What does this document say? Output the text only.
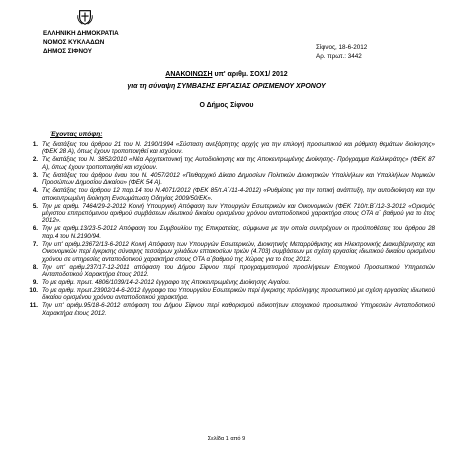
ΕΛΛΗΝΙΚΗ ΔΗΜΟΚΡΑΤΙΑ
ΝΟΜΟΣ ΚΥΚΛΑΔΩΝ
ΔΗΜΟΣ ΣΙΦΝΟΥ
Σίφνος, 18-6-2012
Αρ. πρωτ.: 3442
ΑΝΑΚΟΙΝΩΣΗ υπ' αριθμ. ΣΟΧ1/ 2012
για τη σύναψη ΣΥΜΒΑΣΗΣ ΕΡΓΑΣΙΑΣ ΟΡΙΣΜΕΝΟΥ ΧΡΟΝΟΥ
Ο Δήμος Σίφνου
Έχοντας υπόψη:
1. Τις διατάξεις του άρθρου 21 του Ν. 2190/1994 «Σύσταση ανεξάρτητης αρχής για την επιλογή προσωπικού και ρύθμιση θεμάτων διοίκησης» (ΦΕΚ 28 Α), όπως έχουν τροποποιηθεί και ισχύουν.
2. Τις διατάξεις του Ν. 3852/2010 «Νέα Αρχιτεκτονική της Αυτοδιοίκησης και της Αποκεντρωμένης Διοίκησης- Πρόγραμμα Καλλικράτης» (ΦΕΚ 87 Α), όπως έχουν τροποποιηθεί και ισχύουν.
3. Τις διατάξεις του άρθρου έναυ του Ν. 4057/2012 «Πειθαρχικό Δίκαιο Δημοσίων Πολιτικών Διοικητικών Υπαλλήλων και Υπαλλήλων Νομικών Προσώπων Δημοσίου Δικαίου» (ΦΕΚ 54 Α).
4. Τις διατάξεις του άρθρου 12 παρ.14 του Ν.4071/2012 (ΦΕΚ 85/τ.Α΄/11-4-2012) «Ρυθμίσεις για την τοπική ανάπτυξη, την αυτοδιοίκηση και την αποκεντρωμένη διοίκηση Ενσωμάτωση Οδηγίας 2009/50/ΕΚ».
5. Την με αριθμ. 7464/29-2-2012 Κοινή Υπουργική Απόφαση των Υπουργών Εσωτερικών και Οικονομικών (ΦΕΚ 710/τ.Β΄/12-3-2012 «Ορισμός μέγιστου επιτρεπόμενου αριθμού συμβάσεων ιδιωτικού δικαίου ορισμένου χρόνου ανταποδοτικού χαρακτήρα στους ΟΤΑ α΄ βαθμού για το έτος 2012».
6. Την με αριθμ.13/23-5-2012 Απόφαση του Συμβουλίου της Επικρατείας, σύμφωνα με την οποία συντρέχουν οι προϋποθέσεις του άρθρου 28 παρ.4 του Ν.2190/94.
7. Την υπ' αριθμ.23672/13-6-2012 Κοινή Απόφαση των Υπουργών Εσωτερικών, Διοικητικής Μεταρρύθμισης και Ηλεκτρονικής Διακυβέρνησης και Οικονομικών περί έγκρισης σύναψης τεσσάρων χιλιάδων επτακοσίων τριών (4.703) συμβάσεων με σχέση εργασίας ιδιωτικού δικαίου ορισμένου χρόνου σε υπηρεσίες ανταποδοτικού χαρακτήρα στους ΟΤΑ α΄βαθμού της Χώρας για το έτος 2012.
8. Την υπ' αριθμ.237/17-12-2011 απόφαση του Δήμου Σίφνου περί προγραμματισμού προσλήψεων Εποχικού Προσωπικού Υπηρεσιών Ανταποδοτικού Χαρακτήρα έτους 2012.
9. Το με αριθμ. πρωτ. 4806/1039/14-2-2012 έγγραφο της Αποκεντρωμένης Διοίκησης Αιγαίου.
10. Το με αριθμ. πρωτ.23902/14-6-2012 έγγραφο του Υπουργείου Εσωτερικών περί έγκρισης πρόσληψης προσωπικού με σχέση εργασίας ιδιωτικού δικαίου ορισμένου χρόνου ανταποδοτικού χαρακτήρα.
11. Την υπ' αριθμ.95/18-6-2012 απόφαση του Δήμου Σίφνου περί καθορισμού ειδικοτήτων εποχιακού προσωπικού Υπηρεσιών Ανταποδοτικού Χαρακτήρα έτους 2012.
Σελίδα 1 από 9
